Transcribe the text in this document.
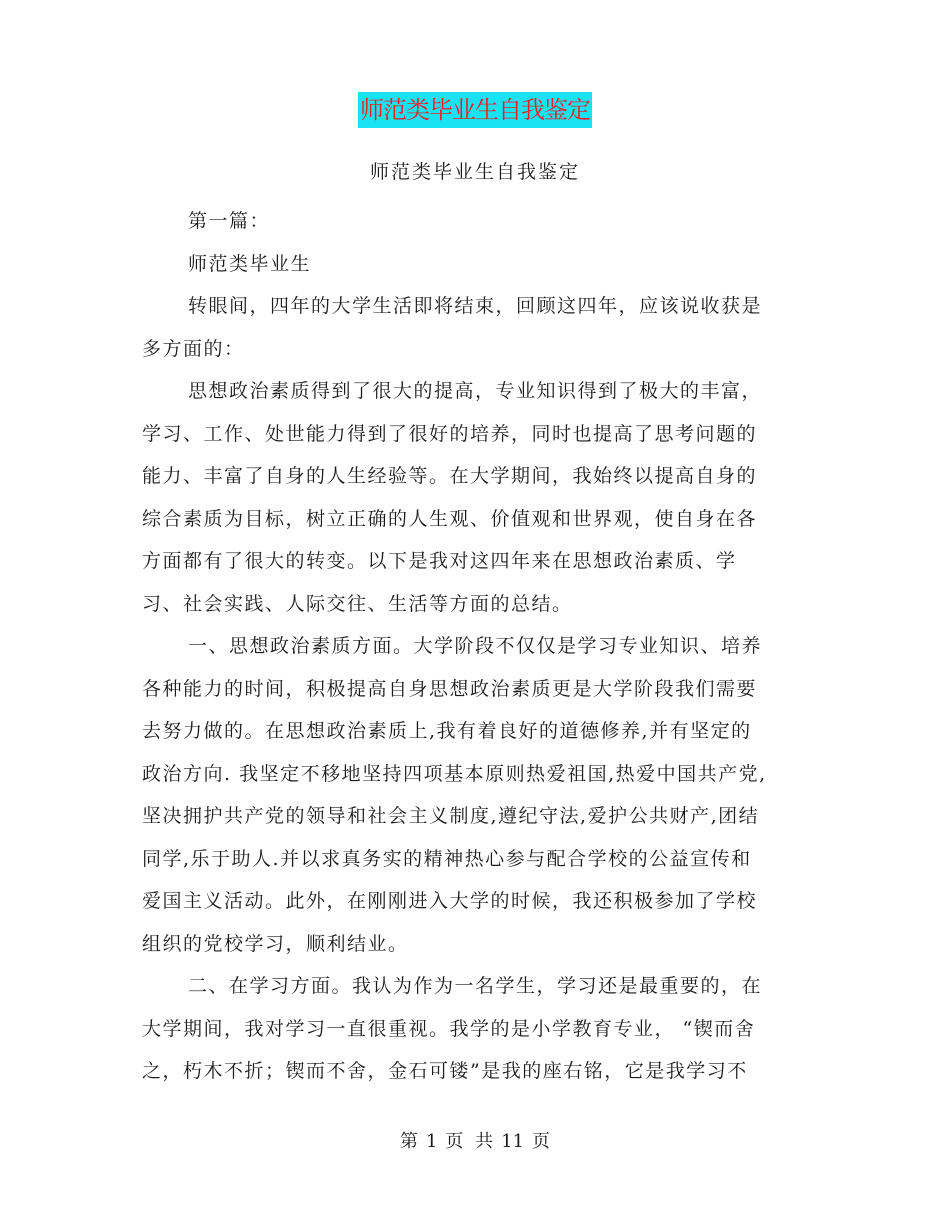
师范类毕业生自我鉴定
师范类毕业生自我鉴定
第一篇：
师范类毕业生
转眼间，四年的大学生活即将结束，回顾这四年，应该说收获是
多方面的：
思想政治素质得到了很大的提高，专业知识得到了极大的丰富，
学习、工作、处世能力得到了很好的培养，同时也提高了思考问题的
能力、丰富了自身的人生经验等。在大学期间，我始终以提高自身的
综合素质为目标，树立正确的人生观、价值观和世界观，使自身在各
方面都有了很大的转变。以下是我对这四年来在思想政治素质、学
习、社会实践、人际交往、生活等方面的总结。
一、思想政治素质方面。大学阶段不仅仅是学习专业知识、培养
各种能力的时间，积极提高自身思想政治素质更是大学阶段我们需要
去努力做的。在思想政治素质上,我有着良好的道德修养,并有坚定的
政治方向. 我坚定不移地坚持四项基本原则热爱祖国,热爱中国共产党,
坚决拥护共产党的领导和社会主义制度,遵纪守法,爱护公共财产,团结
同学,乐于助人.并以求真务实的精神热心参与配合学校的公益宣传和
爱国主义活动。此外，在刚刚进入大学的时候，我还积极参加了学校
组织的党校学习，顺利结业。
二、在学习方面。我认为作为一名学生，学习还是最重要的，在
大学期间，我对学习一直很重视。我学的是小学教育专业， “锲而舍
之，朽木不折；锲而不舍，金石可镂”是我的座右铭，它是我学习不
第 1 页 共 11 页
